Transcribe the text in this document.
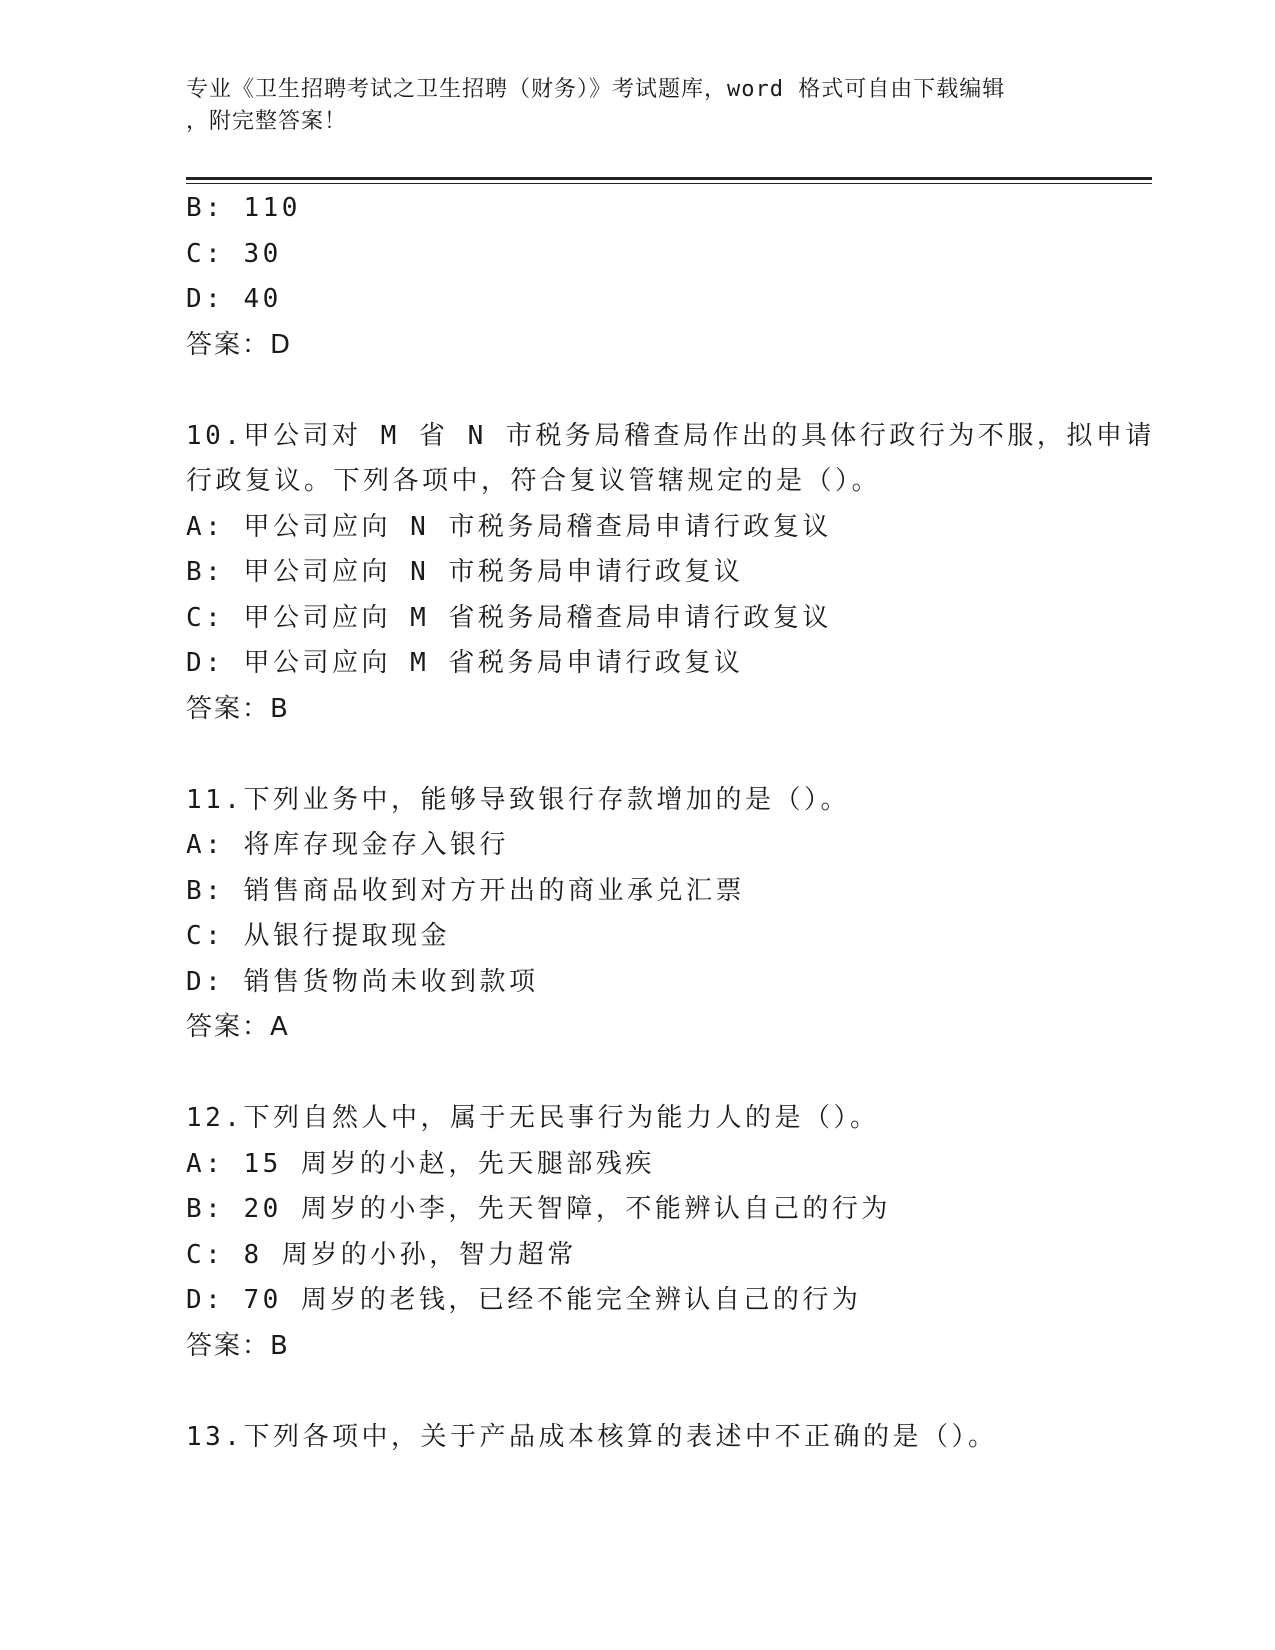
专业《卫生招聘考试之卫生招聘（财务）》考试题库，word 格式可自由下载编辑
，附完整答案！
B: 110
C: 30
D: 40
答案：D
10.甲公司对 M 省 N 市税务局稽查局作出的具体行政行为不服，拟申请
行政复议。下列各项中，符合复议管辖规定的是（）。
A: 甲公司应向 N 市税务局稽查局申请行政复议
B: 甲公司应向 N 市税务局申请行政复议
C: 甲公司应向 M 省税务局稽查局申请行政复议
D: 甲公司应向 M 省税务局申请行政复议
答案：B
11.下列业务中，能够导致银行存款增加的是（）。
A: 将库存现金存入银行
B: 销售商品收到对方开出的商业承兑汇票
C: 从银行提取现金
D: 销售货物尚未收到款项
答案：A
12.下列自然人中，属于无民事行为能力人的是（）。
A: 15 周岁的小赵，先天腿部残疾
B: 20 周岁的小李，先天智障，不能辨认自己的行为
C: 8 周岁的小孙，智力超常
D: 70 周岁的老钱，已经不能完全辨认自己的行为
答案：B
13.下列各项中，关于产品成本核算的表述中不正确的是（）。
